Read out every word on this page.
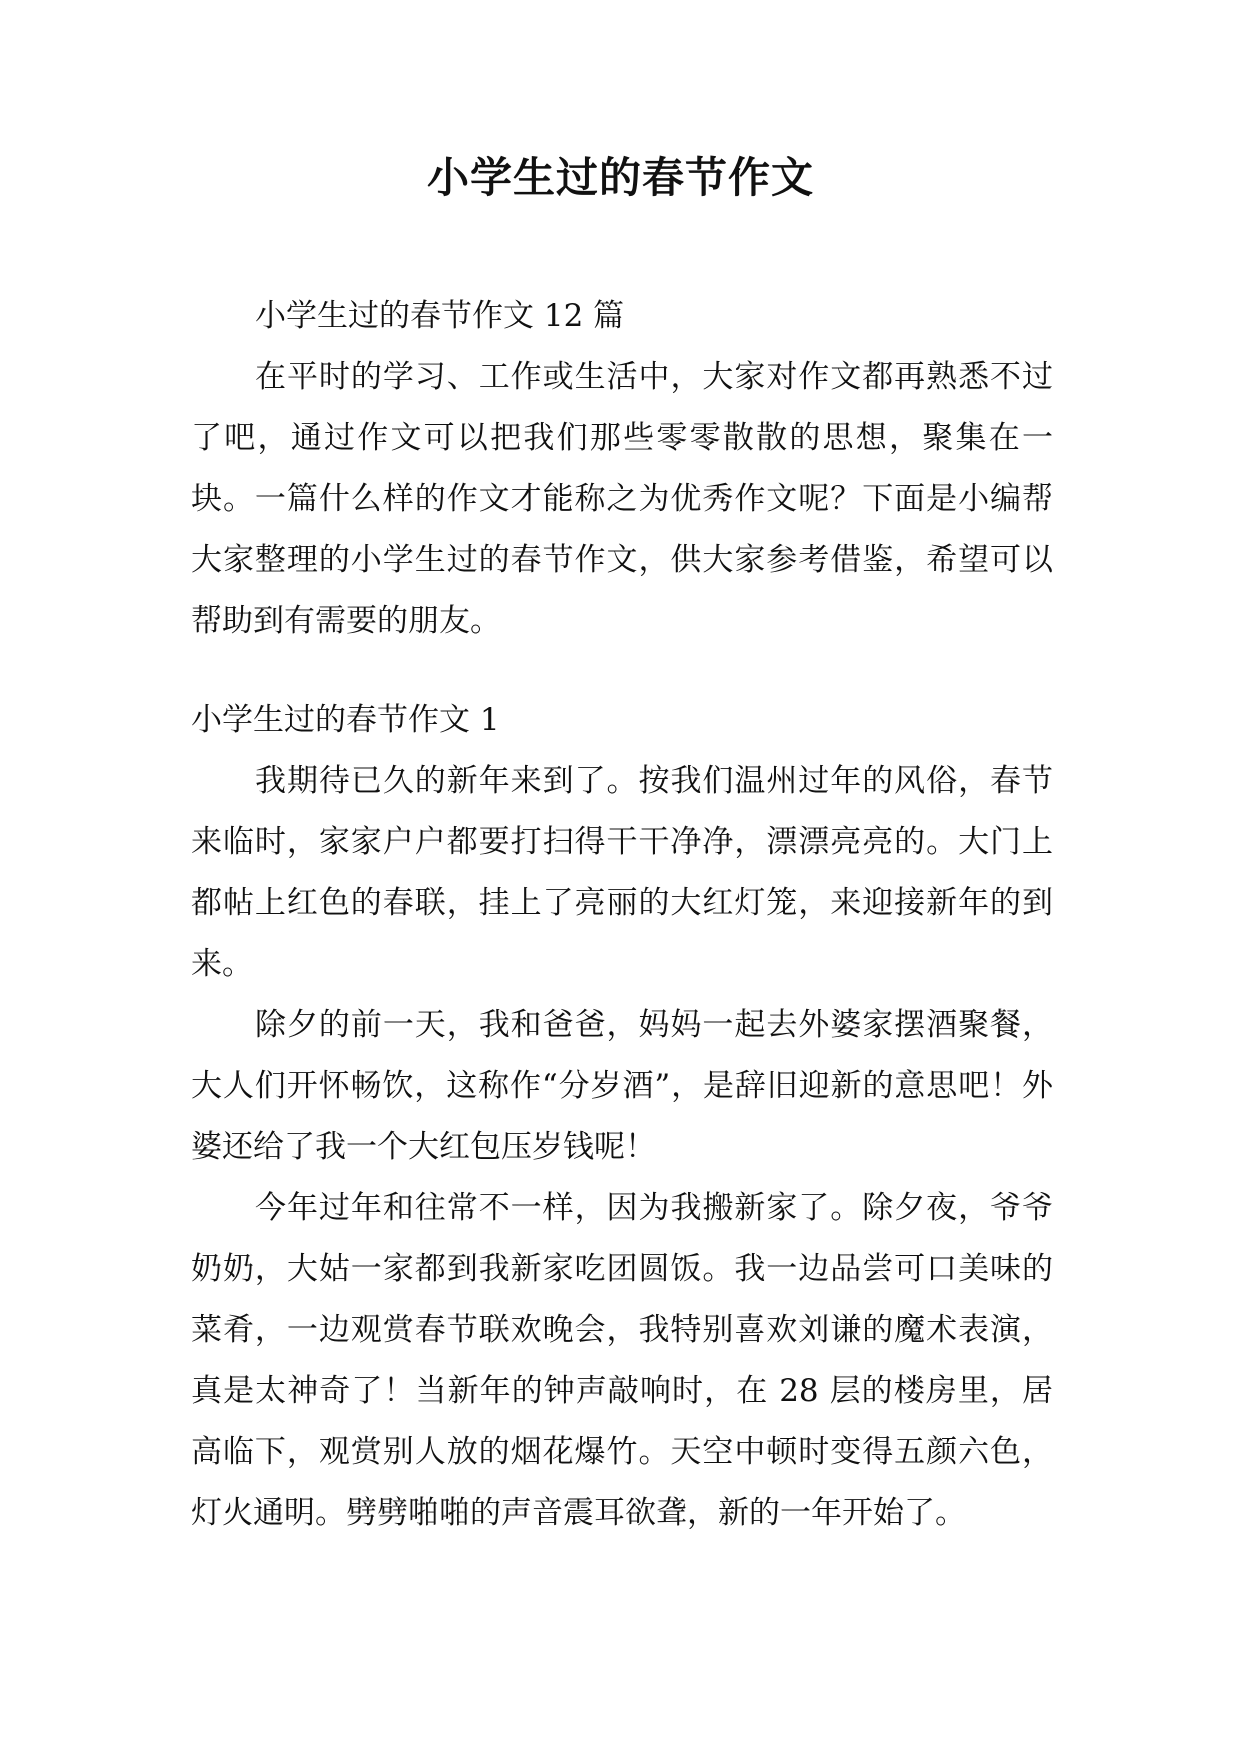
小学生过的春节作文
小学生过的春节作文 12 篇

在平时的学习、工作或生活中，大家对作文都再熟悉不过了吧，通过作文可以把我们那些零零散散的思想，聚集在一块。一篇什么样的作文才能称之为优秀作文呢？下面是小编帮大家整理的小学生过的春节作文，供大家参考借鉴，希望可以帮助到有需要的朋友。

小学生过的春节作文 1

我期待已久的新年来到了。按我们温州过年的风俗，春节来临时，家家户户都要打扫得干干净净，漂漂亮亮的。大门上都帖上红色的春联，挂上了亮丽的大红灯笼，来迎接新年的到来。

除夕的前一天，我和爸爸，妈妈一起去外婆家摆酒聚餐，大人们开怀畅饮，这称作“分岁酒”，是辞旧迎新的意思吧！外婆还给了我一个大红包压岁钱呢！

今年过年和往常不一样，因为我搬新家了。除夕夜，爷爷奶奶，大姑一家都到我新家吃团圆饭。我一边品尝可口美味的菜肴，一边观赏春节联欢晚会，我特别喜欢刘谦的魔术表演，真是太神奇了！当新年的钟声敲响时，在 28 层的楼房里，居高临下，观赏别人放的烟花爆竹。天空中顿时变得五颜六色，灯火通明。劈劈啪啪的声音震耳欲聋，新的一年开始了。
